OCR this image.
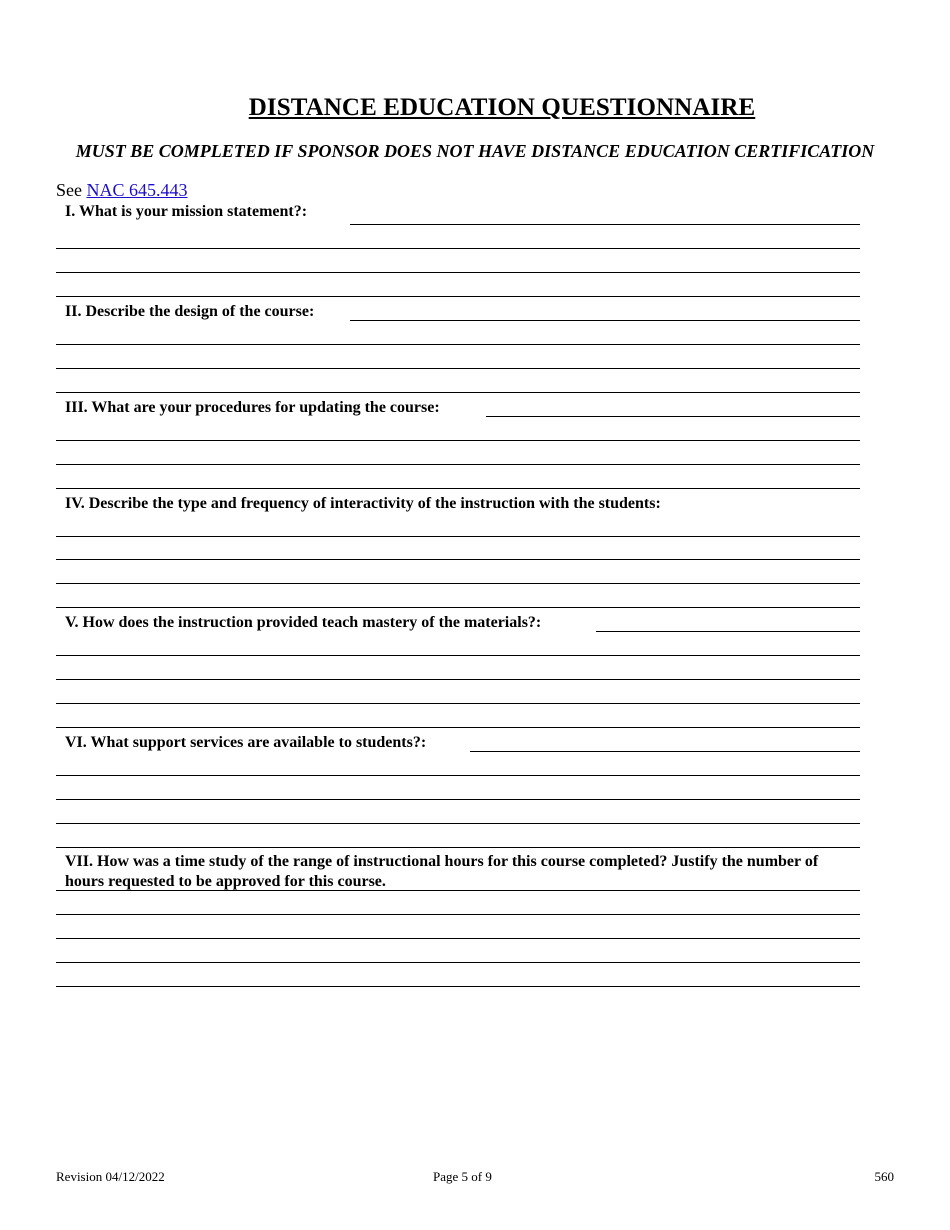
DISTANCE EDUCATION QUESTIONNAIRE
MUST BE COMPLETED IF SPONSOR DOES NOT HAVE DISTANCE EDUCATION CERTIFICATION
See NAC 645.443
I. What is your mission statement?:
II. Describe the design of the course:
III. What are your procedures for updating the course:
IV. Describe the type and frequency of interactivity of the instruction with the students:
V. How does the instruction provided teach mastery of the materials?:
VI. What support services are available to students?:
VII. How was a time study of the range of instructional hours for this course completed? Justify the number of hours requested to be approved for this course.
Revision 04/12/2022	Page 5 of 9	560
